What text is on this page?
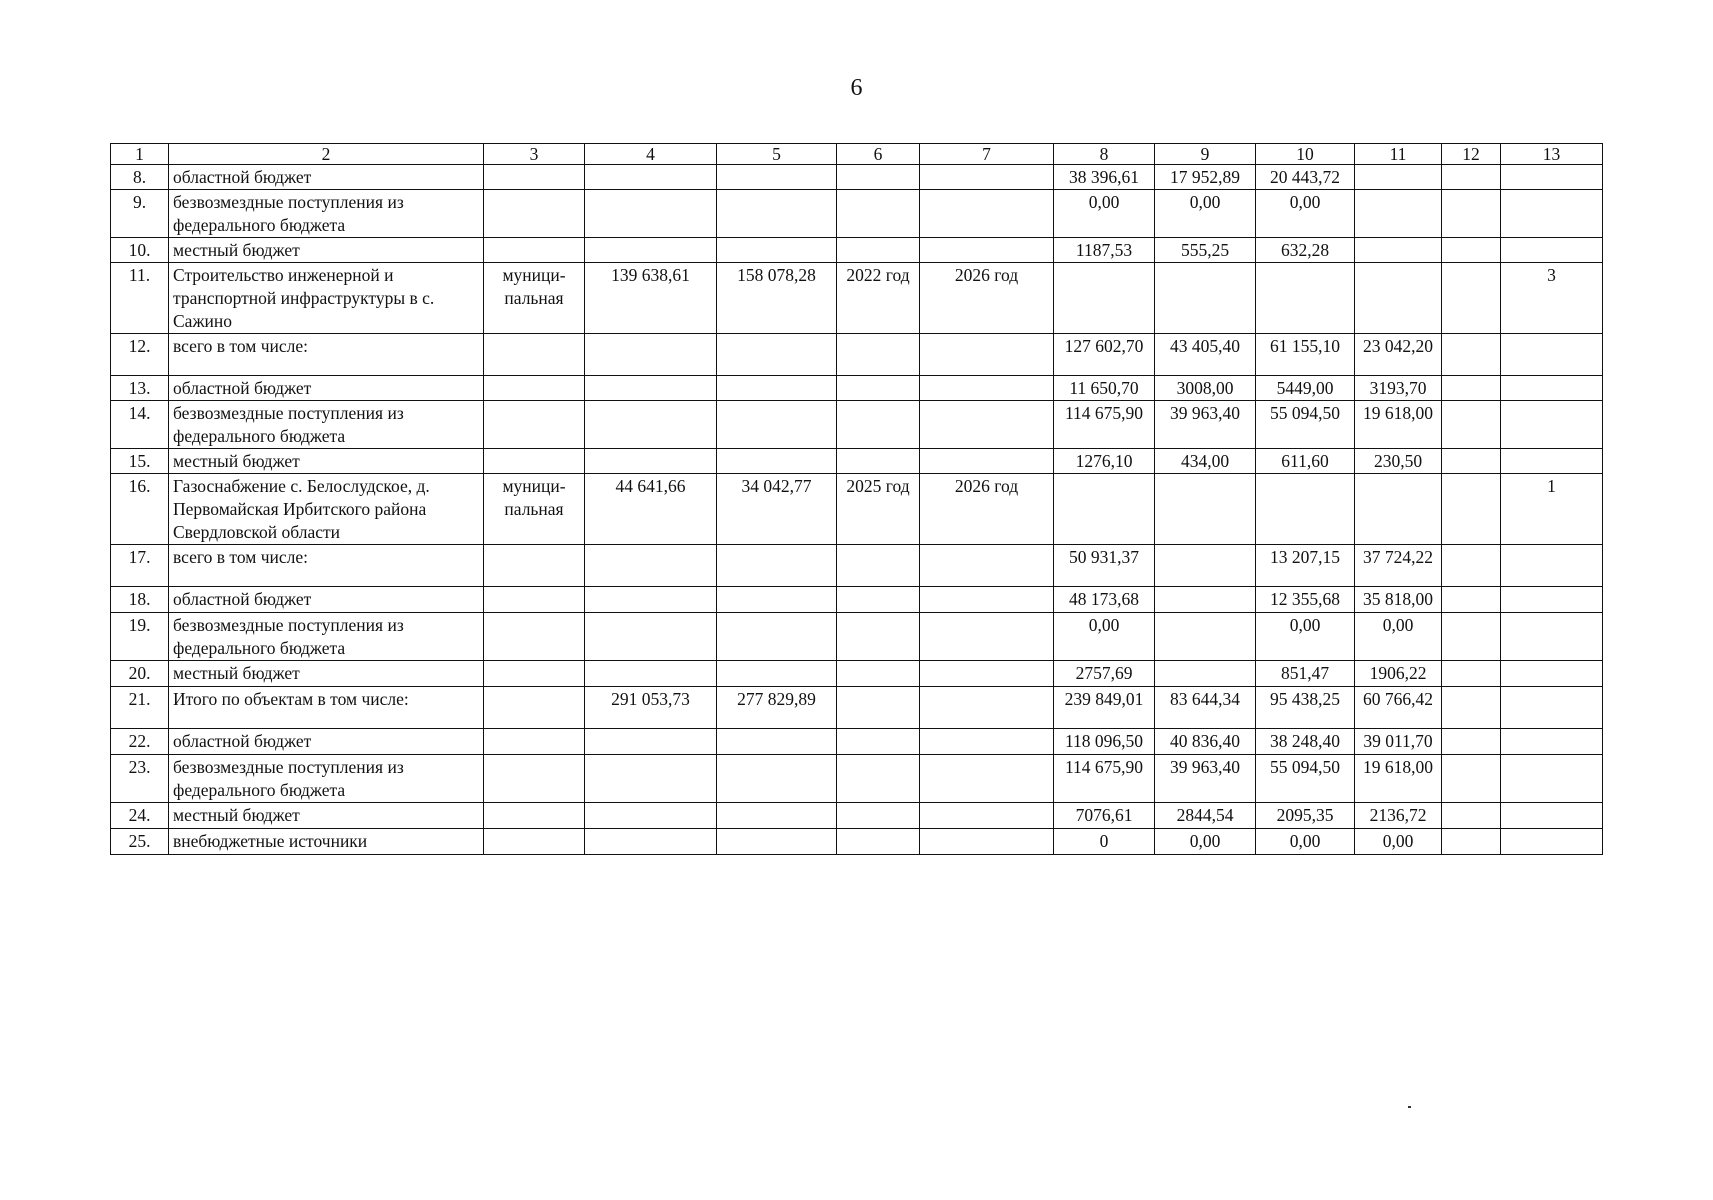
6
1	2	3	4	5	6	7	8	9	10	11	12	13
8.	областной бюджет						38 396,61	17 952,89	20 443,72			
9.	безвозмездные поступления из федерального бюджета						0,00	0,00	0,00			
10.	местный бюджет						1187,53	555,25	632,28			
11.	Строительство инженерной и транспортной инфраструктуры в с. Сажино	муници-пальная	139 638,61	158 078,28	2022 год	2026 год						3
12.	всего в том числе:						127 602,70	43 405,40	61 155,10	23 042,20		
13.	областной бюджет						11 650,70	3008,00	5449,00	3193,70		
14.	безвозмездные поступления из федерального бюджета						114 675,90	39 963,40	55 094,50	19 618,00		
15.	местный бюджет						1276,10	434,00	611,60	230,50		
16.	Газоснабжение с. Белослудское, д. Первомайская Ирбитского района Свердловской области	муници-пальная	44 641,66	34 042,77	2025 год	2026 год						1
17.	всего в том числе:						50 931,37		13 207,15	37 724,22		
18.	областной бюджет						48 173,68		12 355,68	35 818,00		
19.	безвозмездные поступления из федерального бюджета						0,00		0,00	0,00		
20.	местный бюджет						2757,69		851,47	1906,22		
21.	Итого по объектам в том числе:		291 053,73	277 829,89			239 849,01	83 644,34	95 438,25	60 766,42		
22.	областной бюджет						118 096,50	40 836,40	38 248,40	39 011,70		
23.	безвозмездные поступления из федерального бюджета						114 675,90	39 963,40	55 094,50	19 618,00		
24.	местный бюджет						7076,61	2844,54	2095,35	2136,72		
25.	внебюджетные источники						0	0,00	0,00	0,00		
